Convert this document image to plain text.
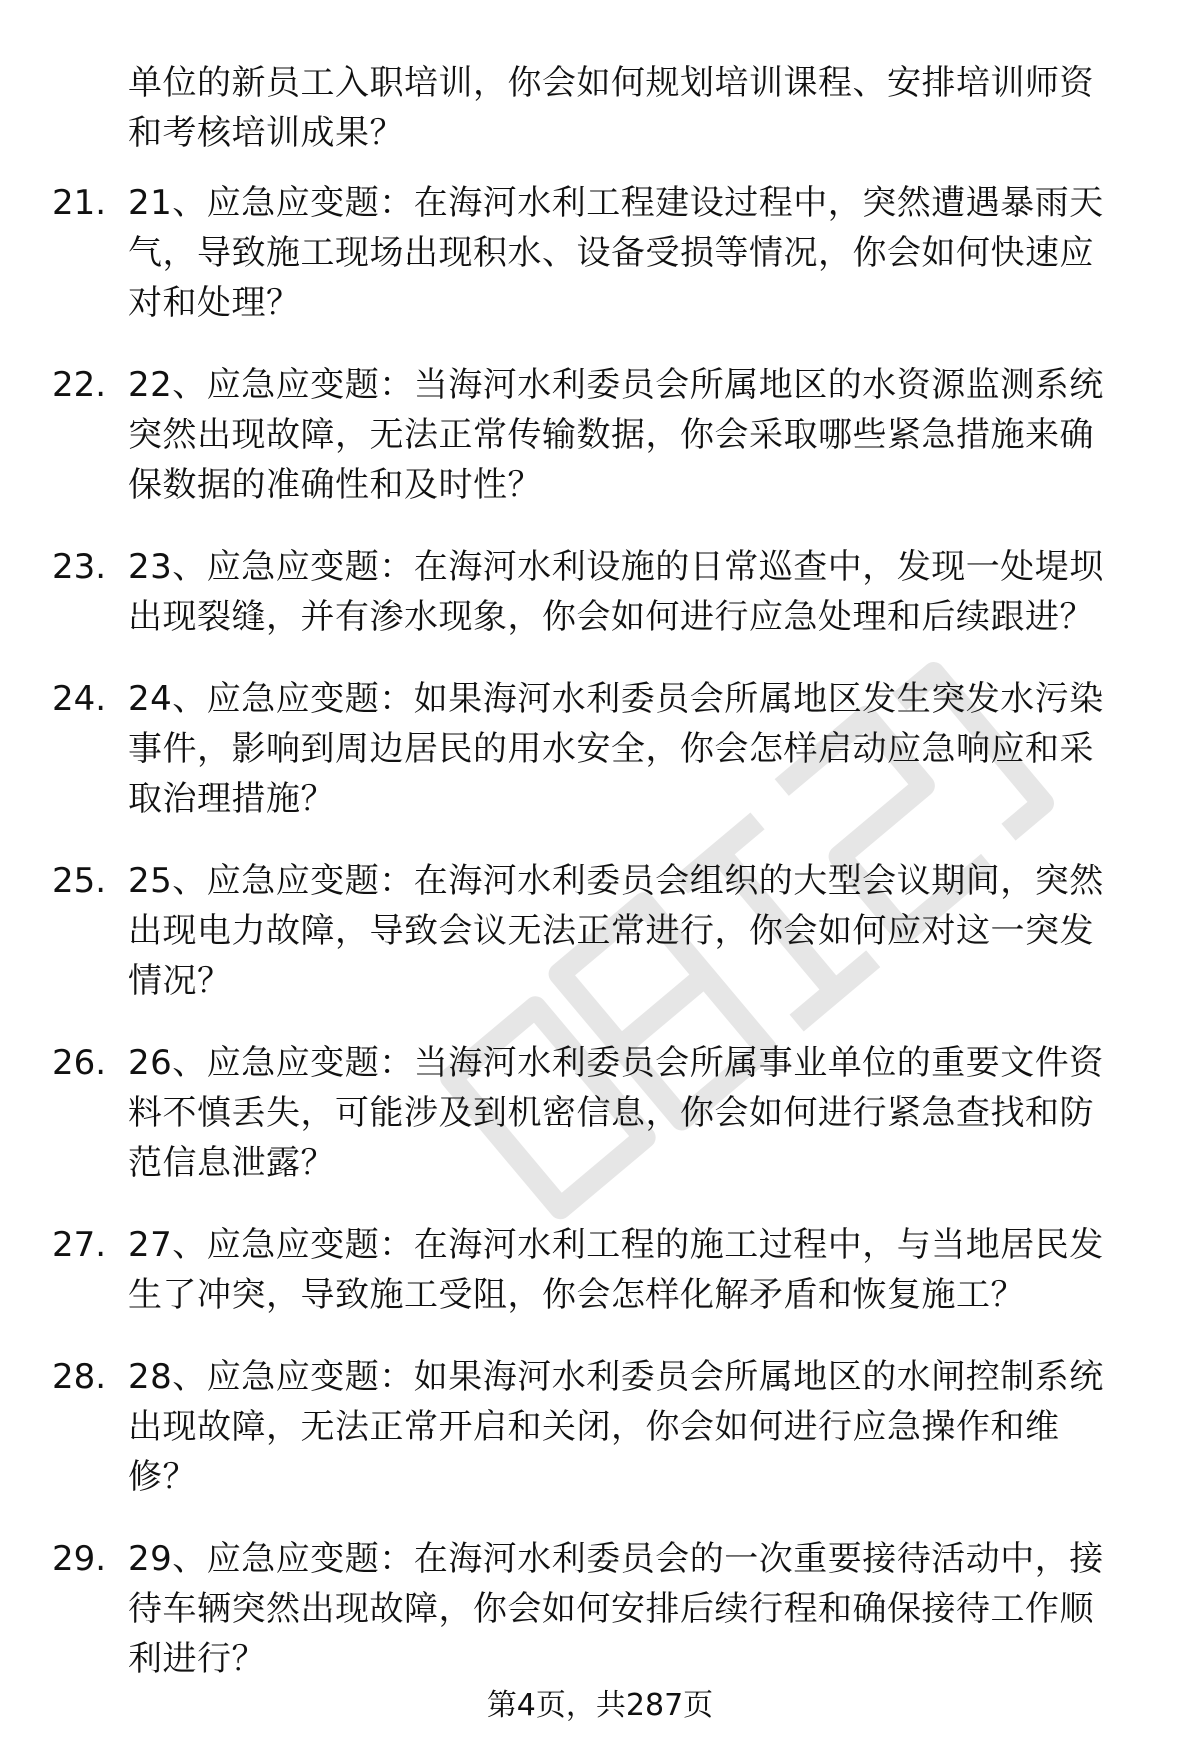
单位的新员工入职培训，你会如何规划培训课程、安排培训师资
和考核培训成果？
21. 21、应急应变题：在海河水利工程建设过程中，突然遭遇暴雨天
气，导致施工现场出现积水、设备受损等情况，你会如何快速应
对和处理？
22. 22、应急应变题：当海河水利委员会所属地区的水资源监测系统
突然出现故障，无法正常传输数据，你会采取哪些紧急措施来确
保数据的准确性和及时性？
23. 23、应急应变题：在海河水利设施的日常巡查中，发现一处堤坝
出现裂缝，并有渗水现象，你会如何进行应急处理和后续跟进？
24. 24、应急应变题：如果海河水利委员会所属地区发生突发水污染
事件，影响到周边居民的用水安全，你会怎样启动应急响应和采
取治理措施？
25. 25、应急应变题：在海河水利委员会组织的大型会议期间，突然
出现电力故障，导致会议无法正常进行，你会如何应对这一突发
情况？
26. 26、应急应变题：当海河水利委员会所属事业单位的重要文件资
料不慎丢失，可能涉及到机密信息，你会如何进行紧急查找和防
范信息泄露？
27. 27、应急应变题：在海河水利工程的施工过程中，与当地居民发
生了冲突，导致施工受阻，你会怎样化解矛盾和恢复施工？
28. 28、应急应变题：如果海河水利委员会所属地区的水闸控制系统
出现故障，无法正常开启和关闭，你会如何进行应急操作和维
修？
29. 29、应急应变题：在海河水利委员会的一次重要接待活动中，接
待车辆突然出现故障，你会如何安排后续行程和确保接待工作顺
利进行？
第4页，共287页
